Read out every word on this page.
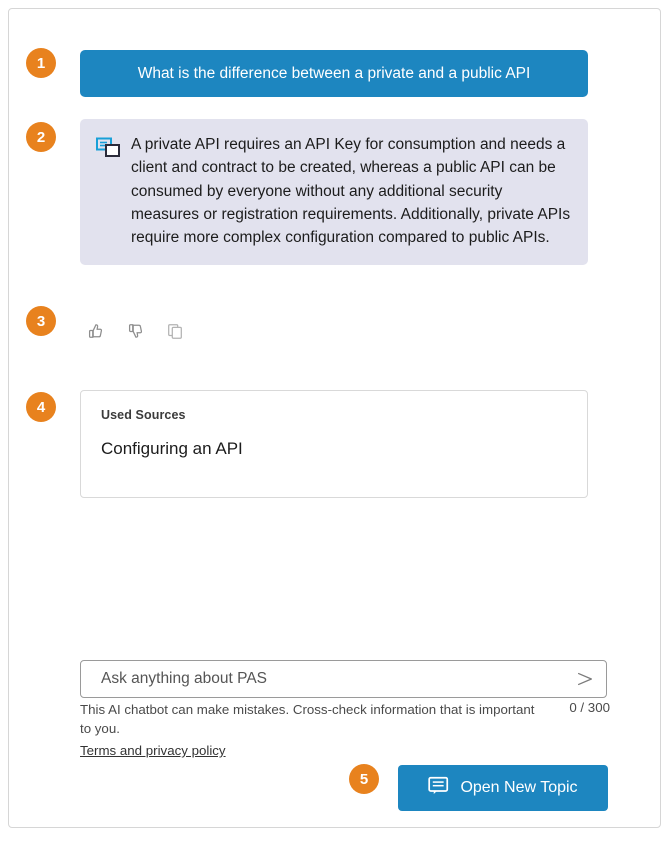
What is the difference between a private and a public API
A private API requires an API Key for consumption and needs a client and contract to be created, whereas a public API can be consumed by everyone without any additional security measures or registration requirements. Additionally, private APIs require more complex configuration compared to public APIs.
Used Sources
Configuring an API
Ask anything about PAS
This AI chatbot can make mistakes. Cross-check information that is important to you.
0 / 300
Terms and privacy policy
Open New Topic
1
2
3
4
5
